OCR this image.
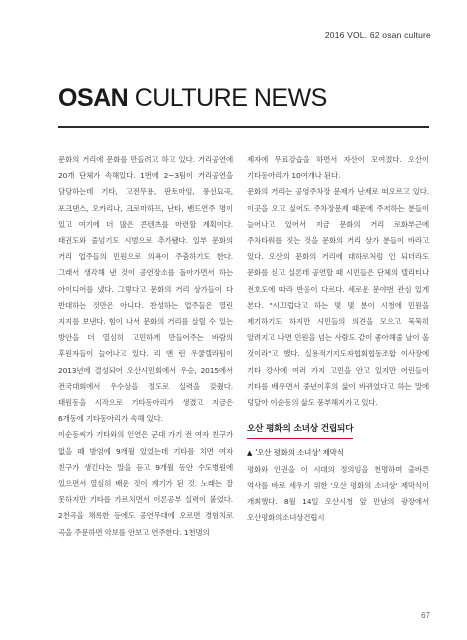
2016 VOL. 62 osan culture
OSAN CULTURE NEWS

문화의 거리에 문화를 만들려고 하고 있다. 거리공연에 20개 단체가 속해있다. 1번에 2~3팀이 거리공연을 담당하는데 기타, 고전무용, 판토마임, 풍선묘곡, 포크댄스, 오카리나, 크로마하프, 난타, 밴드연주 명이 있고 여기에 더 많은 콘텐츠를 마련할 계획이다. 태권도와 줄넘기도 시범으로 추가됐다. 일부 문화의 거리 업주들의 민원으로 의욕이 주춤하기도 한다. 그래서 생각해 낸 것이 공연장소를 돌아가면서 하는 아이디어를 냈다. 그렇다고 문화의 거리 상가들이 다 반대하는 것만은 아니다. 찬성하는 업주들은 열린 지지를 보낸다. 힘이 나서 문화의 거리를 살릴 수 있는 방안을 더 열심히 고민하게 만들어주는 바람의 후원자들이 늘어나고 있다. 리 앤 런 우쿨렐라팀이 2013년에 결성되어 오산시민회에서 우승, 2015에서 전국대회에서 우수상을 정도로 실력을 갖췄다. 태원동을 시작으로 기타동아리가 생겼고 지금은 6개동에 기타동아리가 속해 있다.

이순동씨가 기타와의 인연은 군대 가기 전 여자 친구가 없을 때 밤엄에 9개월 있었는데 기타를 치면 여자 친구가 생긴다는 말을 듣고 9개월 동안 수도병원에 있으면서 열심히 배운 것이 계기가 된 것. 노래는 잘 못하지만 기타를 가르치면서 이론공부 실력이 붙었다. 2천곡을 채록한 등에도 공연무대에 오르면 경험치로 곡을 주문하면 악보를 안보고 연주한다. 1천명의

제자에 무료강습을 하면서 자산이 모여졌다. 오산이 기타동아리가 10여개나 된다.

문화의 거리는 공영주차장 문제가 난제로 떠오르고 있다. 이곳을 오고 싶어도 주차장문제 때문에 주저하는 분들이 늘어나고 있어서 지금 문화의 거리 로화부근에 주차타워를 짓는 것을 문화의 거리 상가 분들이 바라고 있다. 오산의 문화의 거리에 대하로처럼 인 되더라도 문화를 싣고 실론데 공연할 때 시민들은 단체의 텔리티나 전호도에 따라 반응이 다르다. 세로운 문야번 관심 있게 본다. "시끄럽다고 하는 몇 몇 분이 시청에 민원을 제기하기도 하지만 시민들의 의견을 모으고 묵묵히 알려지고 나면 민원을 넘는 사람도 같이 좋아해줄 날이 올 것이라"고 했다. 실용적기지도자협회협동조합 이사장에 기타 강사에 여러 가지 고민을 안고 있지만 어린들이 기타를 배우면서 중년이후의 삶이 바뀌었다고 하는 말에 덩달아 이순동의 삶도 풍부해지가고 있다.

오산 평화의 소녀상 건립되다

▲ '오산 평화의 소녀상' 제막식

평화와 인권을 이 시대의 정의임을 천명하며 출바른 역사를 바로 세우기 위한 '오산 평화의 소녀상' 제막식이 개최했다. 8월 14일 오산시청 앞 만남의 광장에서 오산평화의소녀상건립시

67
